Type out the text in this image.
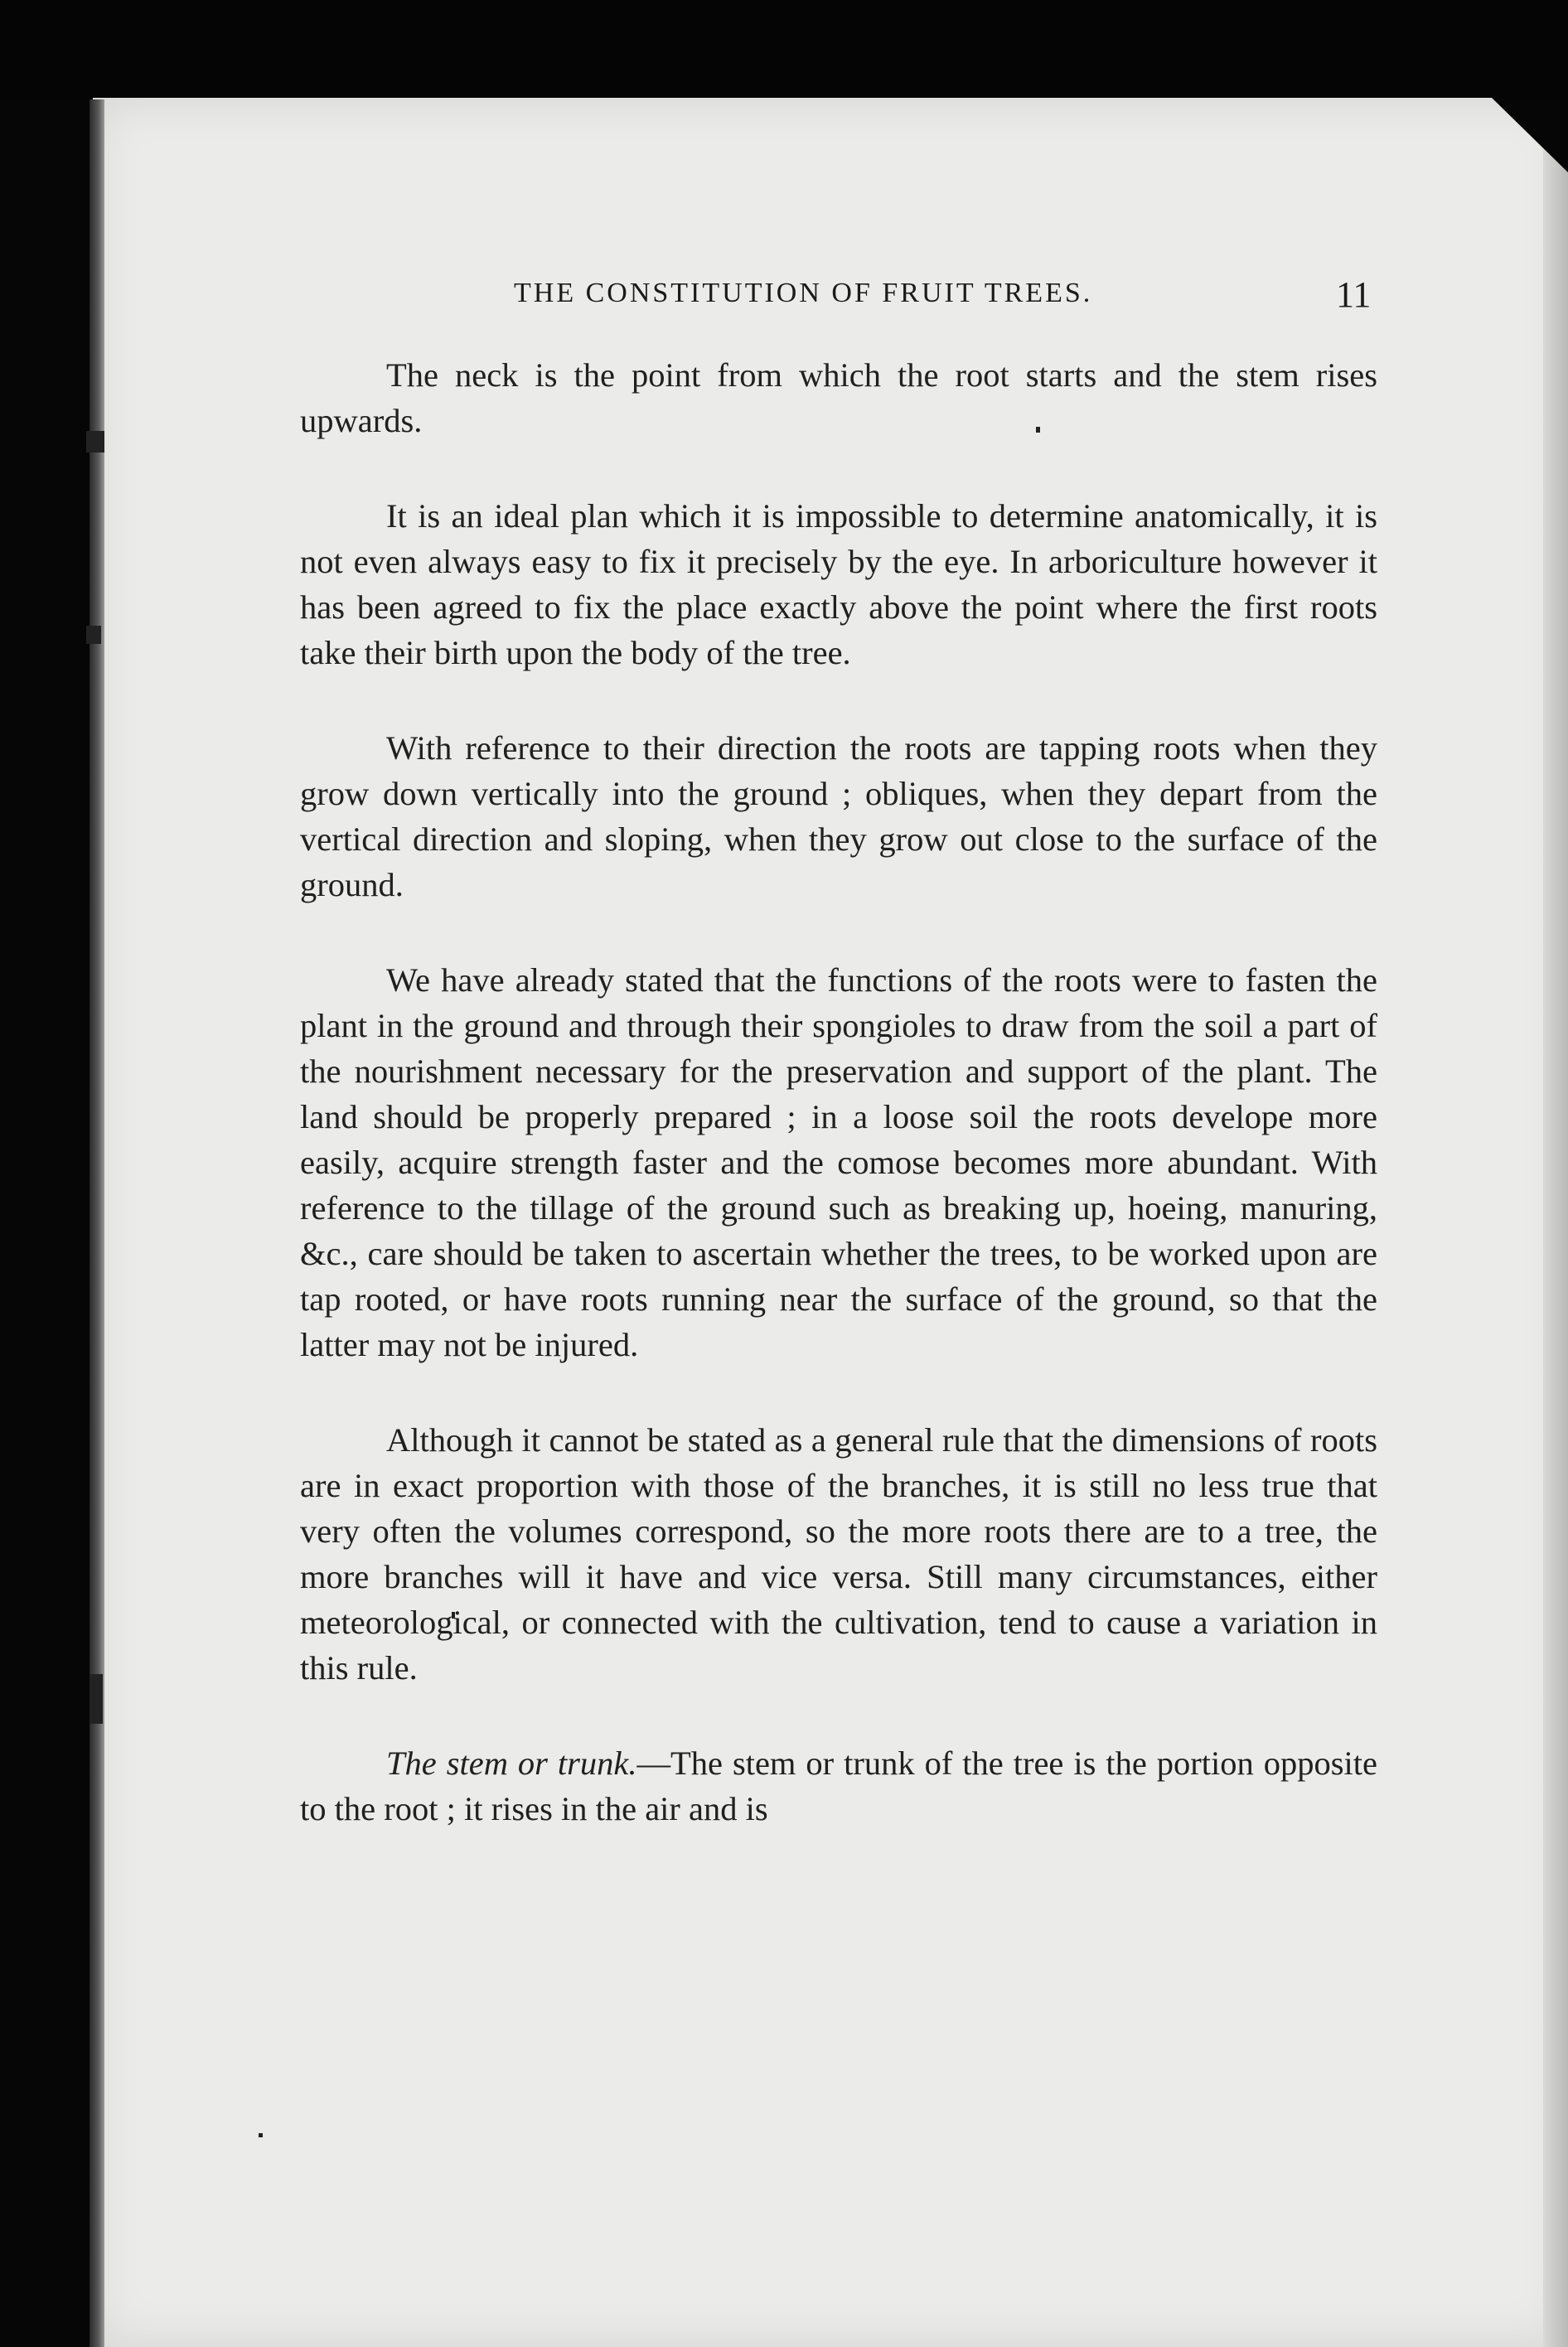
THE CONSTITUTION OF FRUIT TREES.	11

The neck is the point from which the root starts and the stem rises upwards.

It is an ideal plan which it is impossible to determine anatomically, it is not even always easy to fix it precisely by the eye. In arboriculture however it has been agreed to fix the place exactly above the point where the first roots take their birth upon the body of the tree.

With reference to their direction the roots are tapping roots when they grow down vertically into the ground ; obliques, when they depart from the vertical direction and sloping, when they grow out close to the surface of the ground.

We have already stated that the functions of the roots were to fasten the plant in the ground and through their spongioles to draw from the soil a part of the nourishment necessary for the preservation and support of the plant. The land should be properly prepared ; in a loose soil the roots develope more easily, acquire strength faster and the comose becomes more abundant. With reference to the tillage of the ground such as breaking up, hoeing, manuring, &c., care should be taken to ascertain whether the trees, to be worked upon are tap rooted, or have roots running near the surface of the ground, so that the latter may not be injured.

Although it cannot be stated as a general rule that the dimensions of roots are in exact proportion with those of the branches, it is still no less true that very often the volumes correspond, so the more roots there are to a tree, the more branches will it have and vice versa. Still many circumstances, either meteorological, or connected with the cultivation, tend to cause a variation in this rule.

The stem or trunk.—The stem or trunk of the tree is the portion opposite to the root ; it rises in the air and is
